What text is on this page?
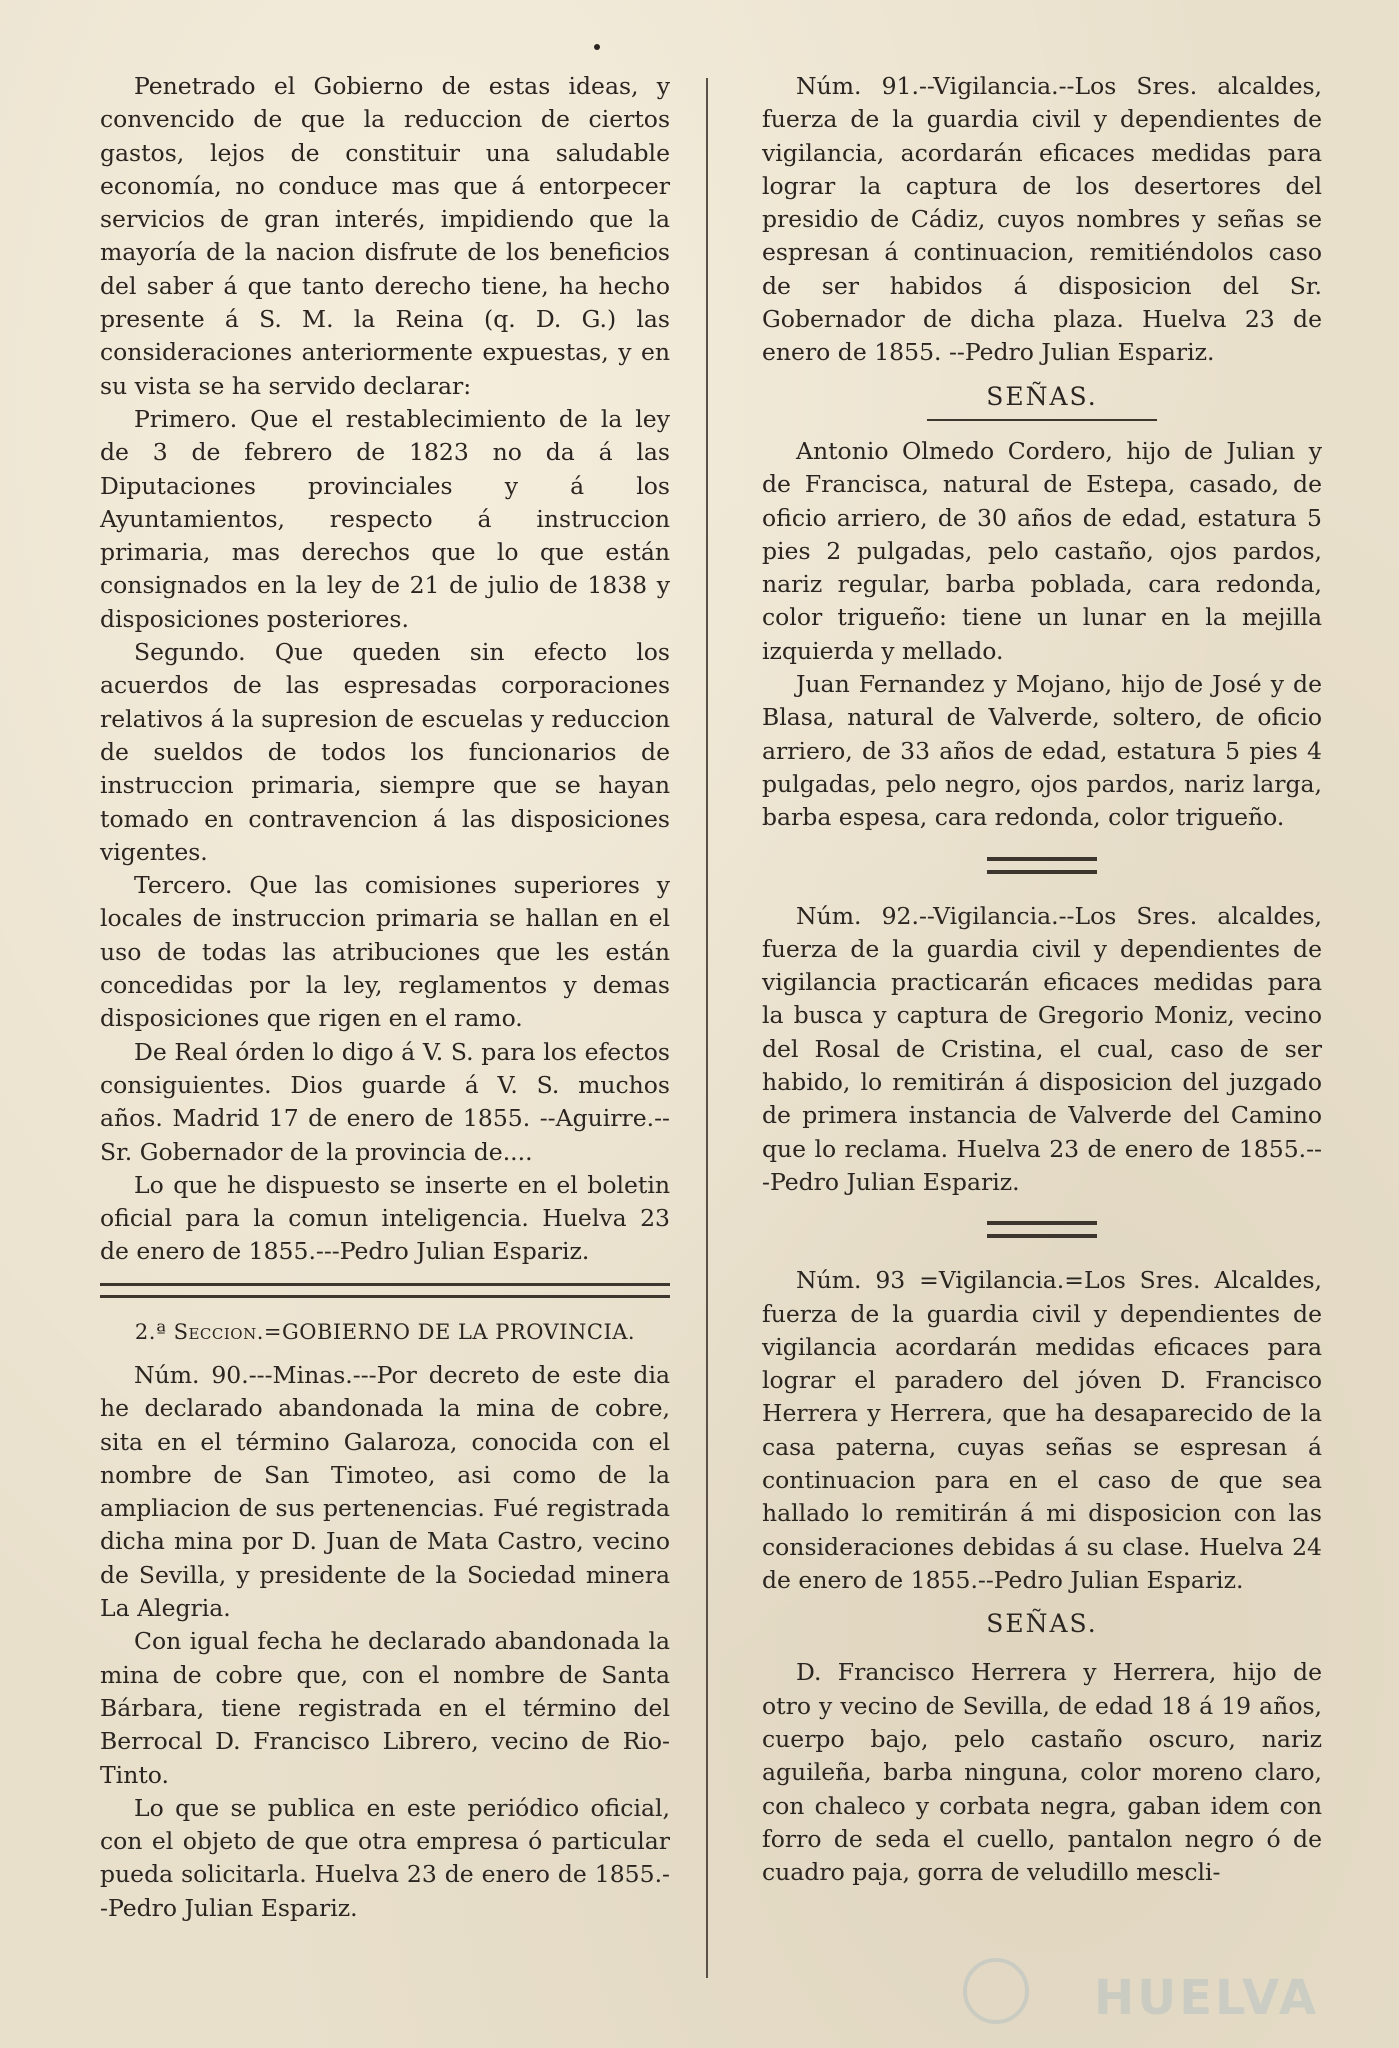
Penetrado el Gobierno de estas ideas, y convencido de que la reduccion de ciertos gastos, lejos de constituir una saludable economía, no conduce mas que á entorpecer servicios de gran interés, impidiendo que la mayoría de la nacion disfrute de los beneficios del saber á que tanto derecho tiene, ha hecho presente á S. M. la Reina (q. D. G.) las consideraciones anteriormente expuestas, y en su vista se ha servido declarar:

Primero. Que el restablecimiento de la ley de 3 de febrero de 1823 no da á las Diputaciones provinciales y á los Ayuntamientos, respecto á instruccion primaria, mas derechos que lo que están consignados en la ley de 21 de julio de 1838 y disposiciones posteriores.

Segundo. Que queden sin efecto los acuerdos de las espresadas corporaciones relativos á la supresion de escuelas y reduccion de sueldos de todos los funcionarios de instruccion primaria, siempre que se hayan tomado en contravencion á las disposiciones vigentes.

Tercero. Que las comisiones superiores y locales de instruccion primaria se hallan en el uso de todas las atribuciones que les están concedidas por la ley, reglamentos y demas disposiciones que rigen en el ramo.

De Real órden lo digo á V. S. para los efectos consiguientes. Dios guarde á V. S. muchos años. Madrid 17 de enero de 1855. --Aguirre.--Sr. Gobernador de la provincia de....

Lo que he dispuesto se inserte en el boletin oficial para la comun inteligencia. Huelva 23 de enero de 1855.---Pedro Julian Espariz.

2.ª Seccion.=GOBIERNO DE LA PROVINCIA.

Núm. 90.---Minas.---Por decreto de este dia he declarado abandonada la mina de cobre, sita en el término Galaroza, conocida con el nombre de San Timoteo, asi como de la ampliacion de sus pertenencias. Fué registrada dicha mina por D. Juan de Mata Castro, vecino de Sevilla, y presidente de la Sociedad minera La Alegria.

Con igual fecha he declarado abandonada la mina de cobre que, con el nombre de Santa Bárbara, tiene registrada en el término del Berrocal D. Francisco Librero, vecino de Rio-Tinto.

Lo que se publica en este periódico oficial, con el objeto de que otra empresa ó particular pueda solicitarla. Huelva 23 de enero de 1855.--Pedro Julian Espariz.

Núm. 91.--Vigilancia.--Los Sres. alcaldes, fuerza de la guardia civil y dependientes de vigilancia, acordarán eficaces medidas para lograr la captura de los desertores del presidio de Cádiz, cuyos nombres y señas se espresan á continuacion, remitiéndolos caso de ser habidos á disposicion del Sr. Gobernador de dicha plaza. Huelva 23 de enero de 1855. --Pedro Julian Espariz.

SEÑAS.

Antonio Olmedo Cordero, hijo de Julian y de Francisca, natural de Estepa, casado, de oficio arriero, de 30 años de edad, estatura 5 pies 2 pulgadas, pelo castaño, ojos pardos, nariz regular, barba poblada, cara redonda, color trigueño: tiene un lunar en la mejilla izquierda y mellado.

Juan Fernandez y Mojano, hijo de José y de Blasa, natural de Valverde, soltero, de oficio arriero, de 33 años de edad, estatura 5 pies 4 pulgadas, pelo negro, ojos pardos, nariz larga, barba espesa, cara redonda, color trigueño.

Núm. 92.--Vigilancia.--Los Sres. alcaldes, fuerza de la guardia civil y dependientes de vigilancia practicarán eficaces medidas para la busca y captura de Gregorio Moniz, vecino del Rosal de Cristina, el cual, caso de ser habido, lo remitirán á disposicion del juzgado de primera instancia de Valverde del Camino que lo reclama. Huelva 23 de enero de 1855.---Pedro Julian Espariz.

Núm. 93 =Vigilancia.=Los Sres. Alcaldes, fuerza de la guardia civil y dependientes de vigilancia acordarán medidas eficaces para lograr el paradero del jóven D. Francisco Herrera y Herrera, que ha desaparecido de la casa paterna, cuyas señas se espresan á continuacion para en el caso de que sea hallado lo remitirán á mi disposicion con las consideraciones debidas á su clase. Huelva 24 de enero de 1855.--Pedro Julian Espariz.

SEÑAS.

D. Francisco Herrera y Herrera, hijo de otro y vecino de Sevilla, de edad 18 á 19 años, cuerpo bajo, pelo castaño oscuro, nariz aguileña, barba ninguna, color moreno claro, con chaleco y corbata negra, gaban idem con forro de seda el cuello, pantalon negro ó de cuadro paja, gorra de veludillo mescli-

HUELVA
